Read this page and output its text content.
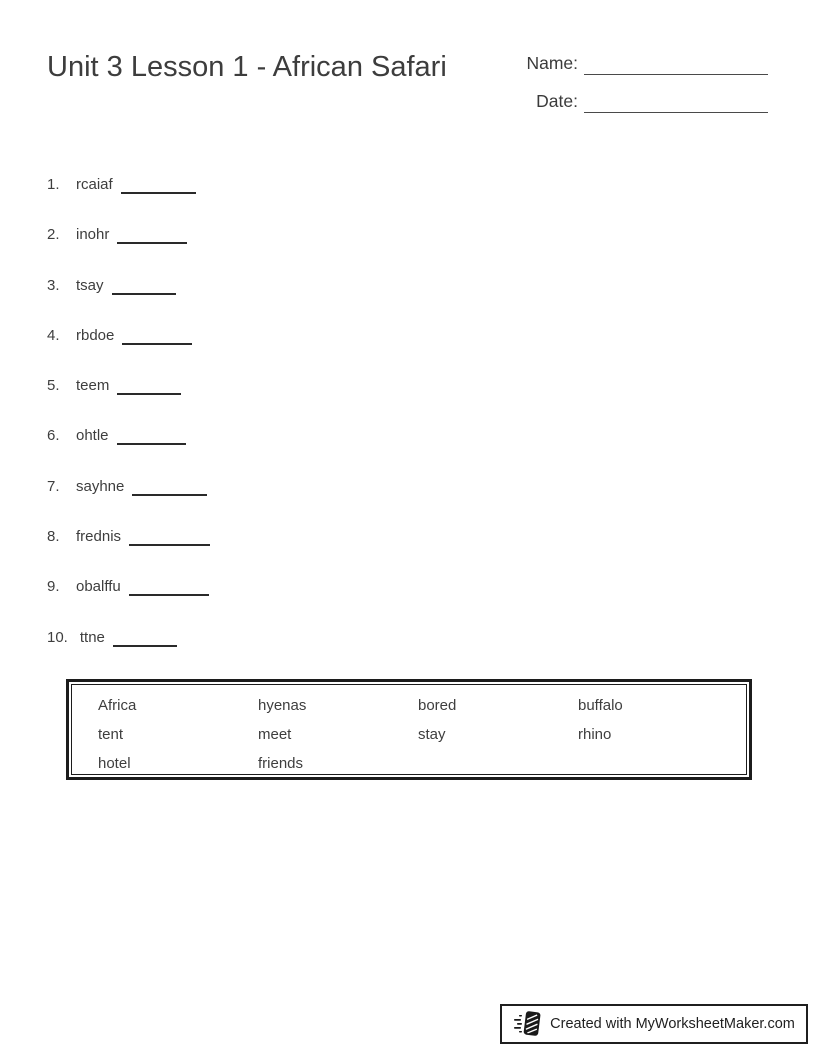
Unit 3 Lesson 1 - African Safari	Name:
Date:
1. rcaiaf
2. inohr
3. tsay
4. rbdoe
5. teem
6. ohtle
7. sayhne
8. frednis
9. obalffu
10. ttne
Africa	hyenas	bored	buffalo
tent	meet	stay	rhino
hotel	friends
Created with MyWorksheetMaker.com
